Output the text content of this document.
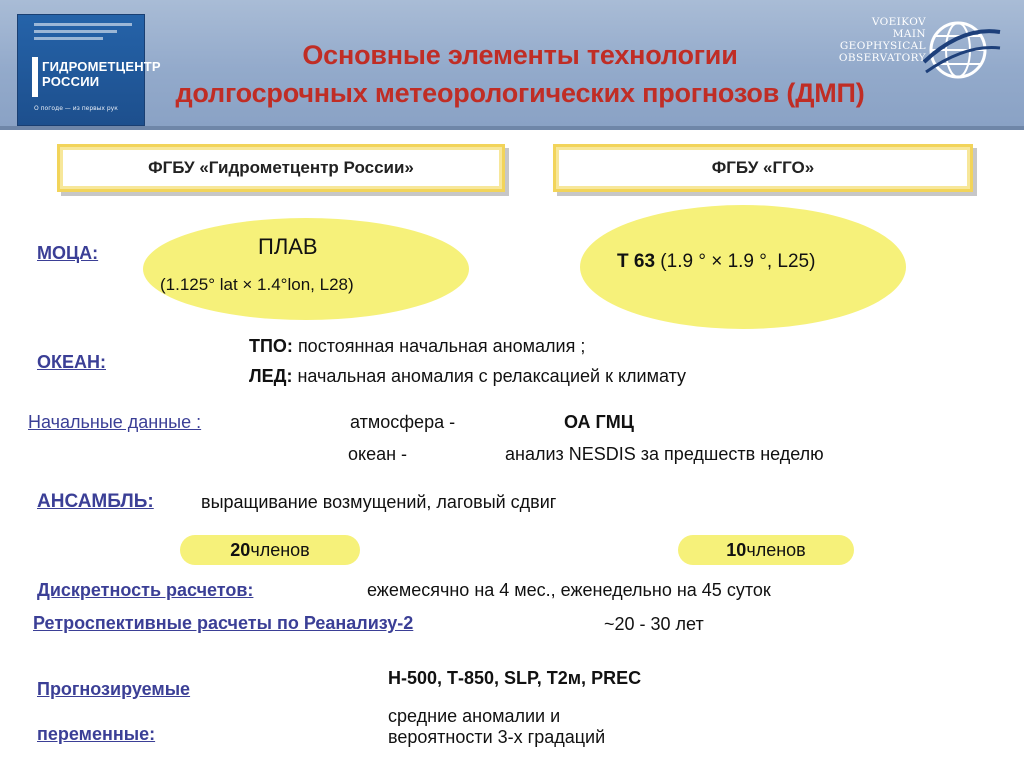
ГИДРОМЕТЦЕНТР
РОССИИ
О погоде — из первых рук
Основные элементы технологии
долгосрочных метеорологических прогнозов (ДМП)
VOEIKOV
MAIN
GEOPHYSICAL
OBSERVATORY
ФГБУ «Гидрометцентр России»	ФГБУ «ГГО»
МОЦА:	ПЛАВ
(1.125° lat × 1.4°lon, L28)
Т 63 (1.9 ° × 1.9 °, L25)
ОКЕАН:
ТПО: постоянная начальная аномалия ;
ЛЕД: начальная аномалия с релаксацией к климату
Начальные данные :	атмосфера -	ОА ГМЦ
океан -	анализ NESDIS за предшеств неделю
АНСАМБЛЬ:	выращивание возмущений, лаговый сдвиг
20 членов	10 членов
Дискретность расчетов:	ежемесячно на 4 мес., еженедельно на 45 суток
Ретроспективные расчеты по Реанализу-2	~20 - 30 лет
Прогнозируемые
переменные:
Н-500, Т-850, SLP, Т2м, PREC
средние аномалии и
вероятности 3-х градаций
